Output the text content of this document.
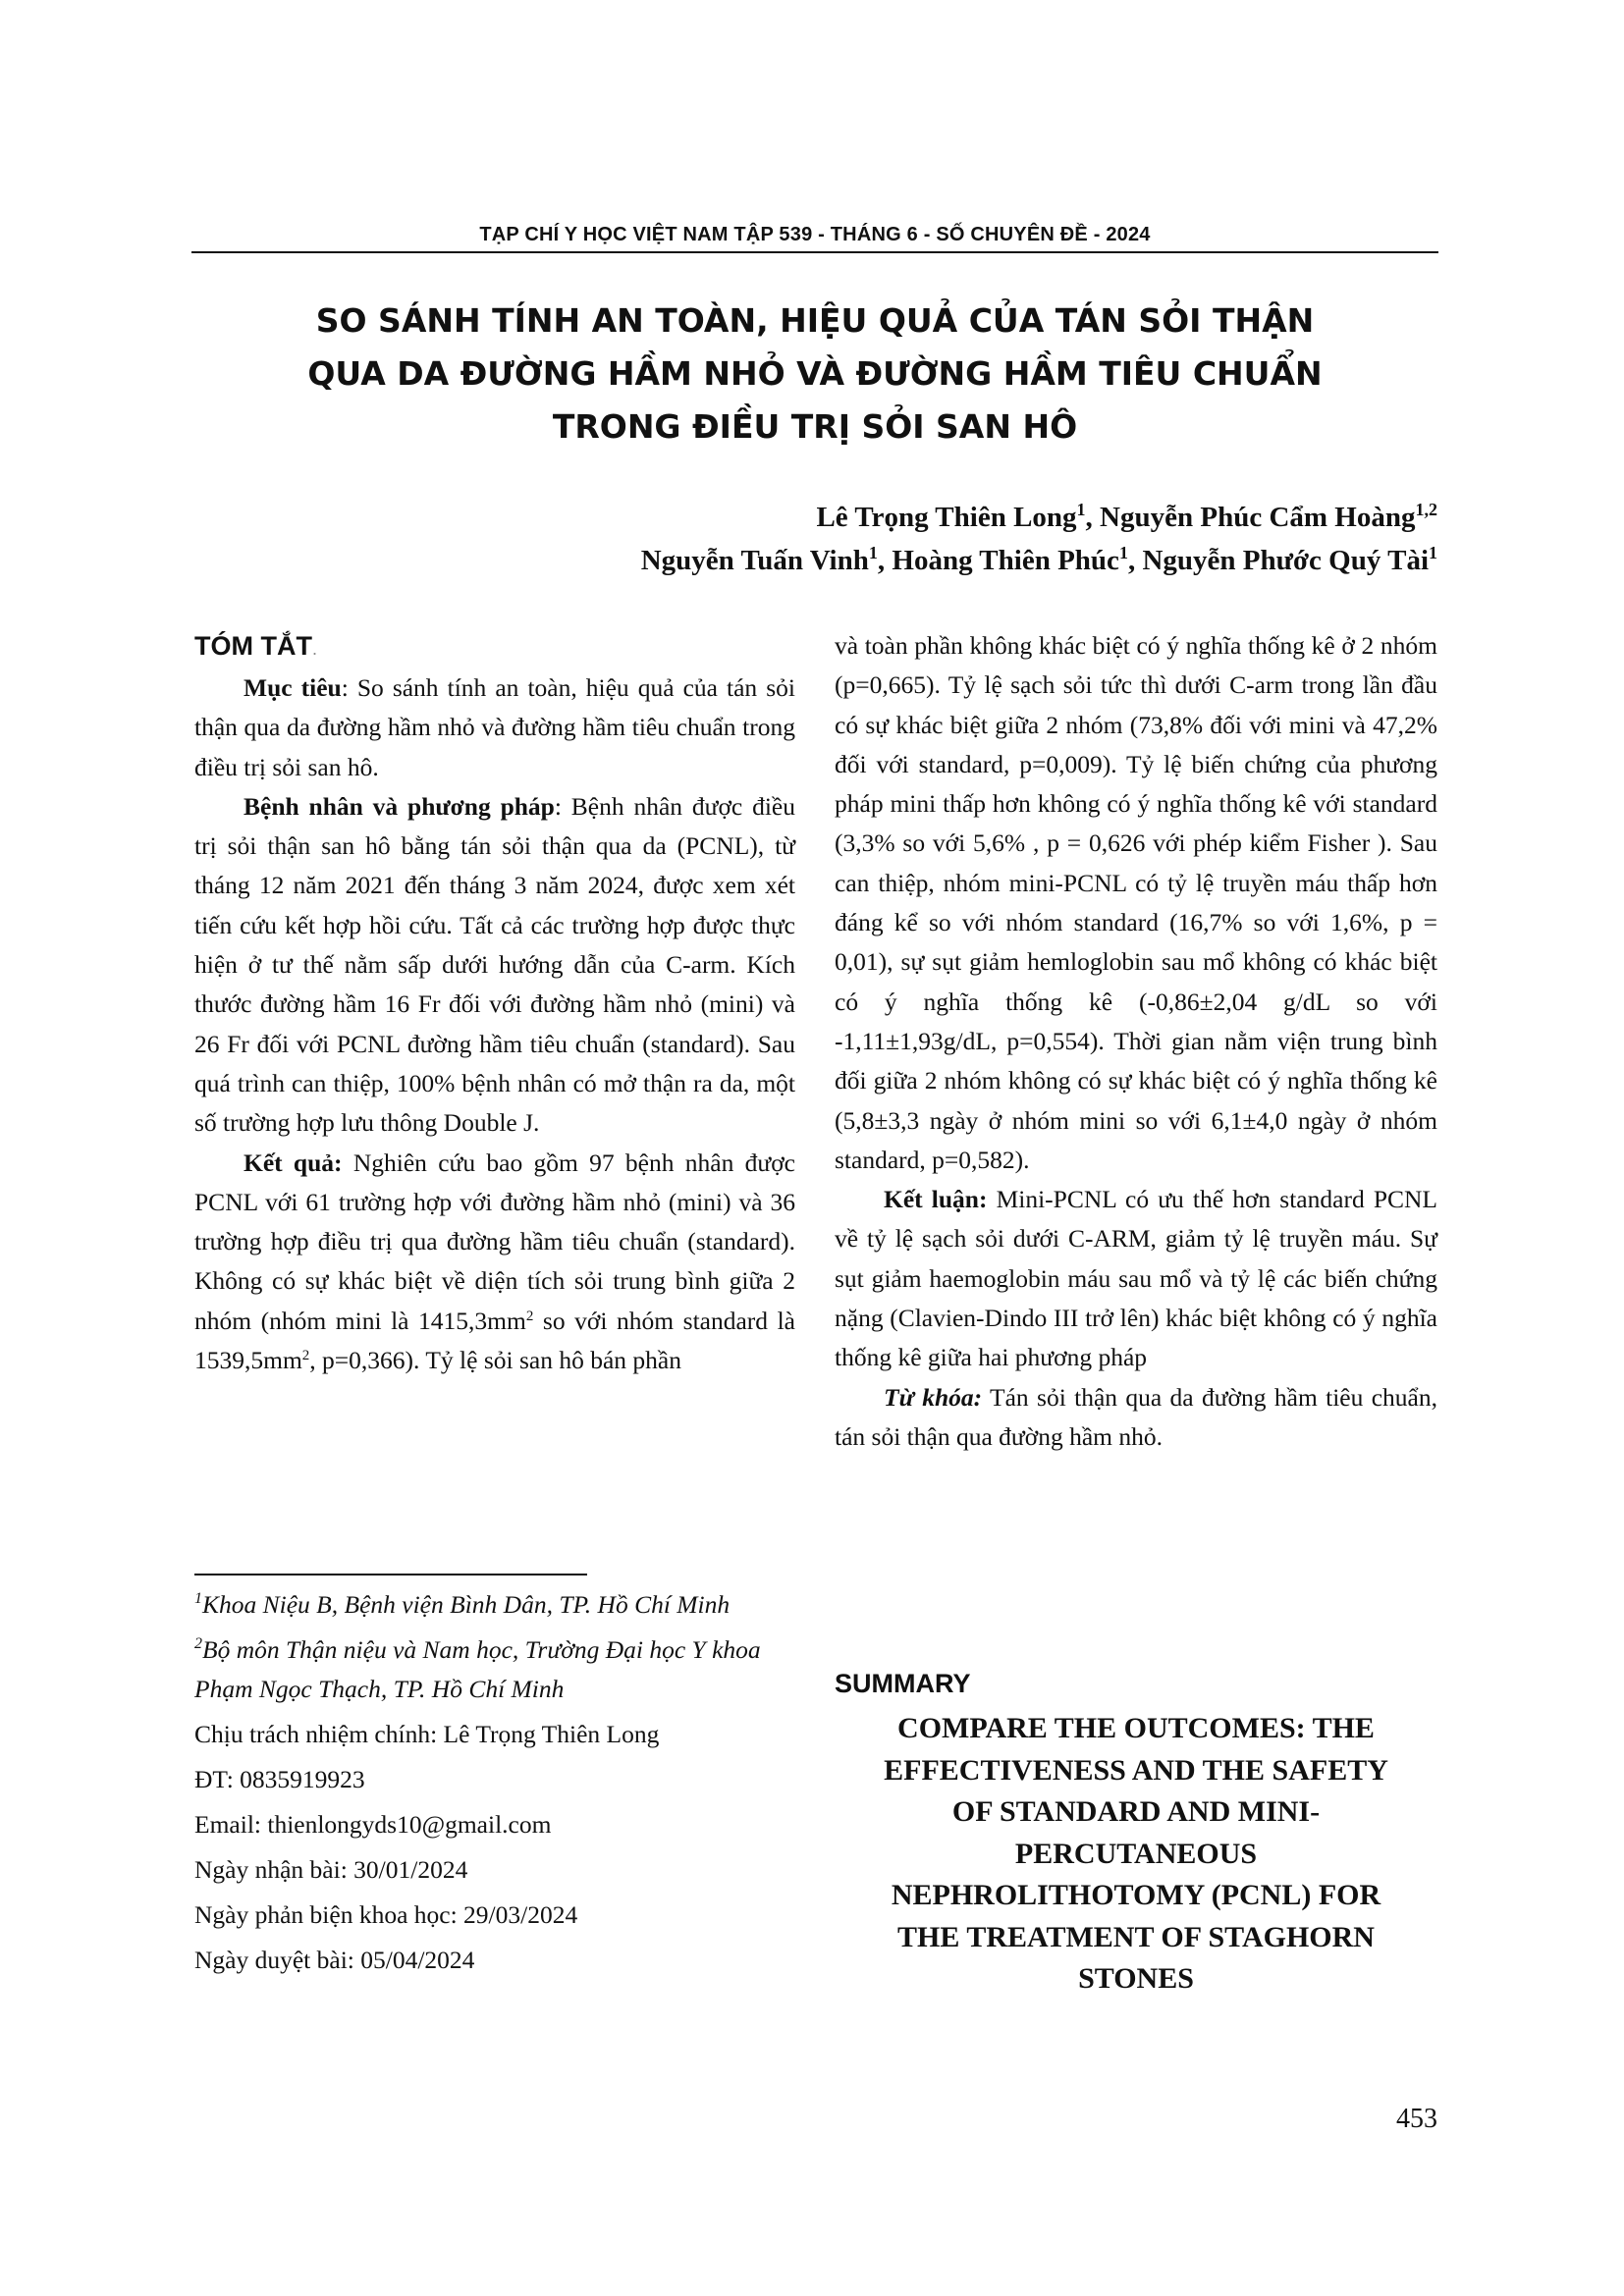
TẠP CHÍ Y HỌC VIỆT NAM TẬP 539 - THÁNG 6 - SỐ CHUYÊN ĐỀ - 2024
SO SÁNH TÍNH AN TOÀN, HIỆU QUẢ CỦA TÁN SỎI THẬN
QUA DA ĐƯỜNG HẦM NHỎ VÀ ĐƯỜNG HẦM TIÊU CHUẨN
TRONG ĐIỀU TRỊ SỎI SAN HÔ
Lê Trọng Thiên Long$^1$, Nguyễn Phúc Cẩm Hoàng$^{1,2}$
Nguyễn Tuấn Vinh$^1$, Hoàng Thiên Phúc$^1$, Nguyễn Phước Quý Tài$^1$
TÓM TẮT.

Mục tiêu: So sánh tính an toàn, hiệu quả của tán sỏi thận qua da đường hầm nhỏ và đường hầm tiêu chuẩn trong điều trị sỏi san hô.

Bệnh nhân và phương pháp: Bệnh nhân được điều trị sỏi thận san hô bằng tán sỏi thận qua da (PCNL), từ tháng 12 năm 2021 đến tháng 3 năm 2024, được xem xét tiến cứu kết hợp hồi cứu. Tất cả các trường hợp được thực hiện ở tư thế nằm sấp dưới hướng dẫn của C-arm. Kích thước đường hầm 16 Fr đối với đường hầm nhỏ (mini) và 26 Fr đối với PCNL đường hầm tiêu chuẩn (standard). Sau quá trình can thiệp, 100% bệnh nhân có mở thận ra da, một số trường hợp lưu thông Double J.

Kết quả: Nghiên cứu bao gồm 97 bệnh nhân được PCNL với 61 trường hợp với đường hầm nhỏ (mini) và 36 trường hợp điều trị qua đường hầm tiêu chuẩn (standard). Không có sự khác biệt về diện tích sỏi trung bình giữa 2 nhóm (nhóm mini là $1415,3mm^2$ so với nhóm standard là $1539,5mm^2$, p=0,366). Tỷ lệ sỏi san hô bán phần

và toàn phần không khác biệt có ý nghĩa thống kê ở 2 nhóm (p=0,665). Tỷ lệ sạch sỏi tức thì dưới C-arm trong lần đầu có sự khác biệt giữa 2 nhóm (73,8% đối với mini và 47,2% đối với standard, p=0,009). Tỷ lệ biến chứng của phương pháp mini thấp hơn không có ý nghĩa thống kê với standard (3,3% so với 5,6% , p = 0,626 với phép kiểm Fisher ). Sau can thiệp, nhóm mini-PCNL có tỷ lệ truyền máu thấp hơn đáng kể so với nhóm standard (16,7% so với 1,6%, p = 0,01), sự sụt giảm hemloglobin sau mổ không có khác biệt có ý nghĩa thống kê (-0,86±2,04 g/dL so với -1,11±1,93g/dL, p=0,554). Thời gian nằm viện trung bình đối giữa 2 nhóm không có sự khác biệt có ý nghĩa thống kê (5,8±3,3 ngày ở nhóm mini so với 6,1±4,0 ngày ở nhóm standard, p=0,582).

Kết luận: Mini-PCNL có ưu thế hơn standard PCNL về tỷ lệ sạch sỏi dưới C-ARM, giảm tỷ lệ truyền máu. Sự sụt giảm haemoglobin máu sau mổ và tỷ lệ các biến chứng nặng (Clavien-Dindo III trở lên) khác biệt không có ý nghĩa thống kê giữa hai phương pháp

Từ khóa: Tán sỏi thận qua da đường hầm tiêu chuẩn, tán sỏi thận qua đường hầm nhỏ.

$^1$Khoa Niệu B, Bệnh viện Bình Dân, TP. Hồ Chí Minh

$^2$Bộ môn Thận niệu và Nam học, Trường Đại học Y khoa Phạm Ngọc Thạch, TP. Hồ Chí Minh

Chịu trách nhiệm chính: Lê Trọng Thiên Long

ĐT: 0835919923

Email: thienlongyds10@gmail.com

Ngày nhận bài: 30/01/2024

Ngày phản biện khoa học: 29/03/2024

Ngày duyệt bài: 05/04/2024

SUMMARY
COMPARE THE OUTCOMES: THE
EFFECTIVENESS AND THE SAFETY
OF STANDARD AND MINI-
PERCUTANEOUS
NEPHROLITHOTOMY (PCNL) FOR
THE TREATMENT OF STAGHORN
STONES
453
